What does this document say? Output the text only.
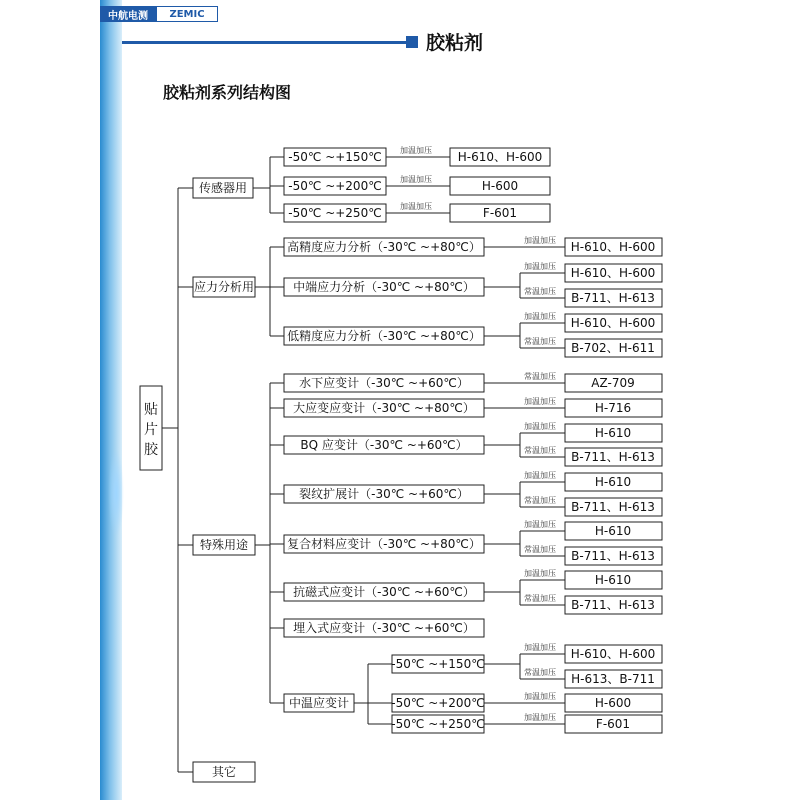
中航电测	ZEMIC
胶粘剂
胶粘剂系列结构图
加温加压
加温加压
加温加压
加温加压
加温加压
常温加压
加温加压
常温加压
常温加压
加温加压
加温加压
常温加压
加温加压
常温加压
加温加压
常温加压
加温加压
常温加压
加温加压
常温加压
加温加压
加温加压
贴
片
胶
传感器用
应力分析用
特殊用途
其它
-50℃ ~+150℃
-50℃ ~+200℃
-50℃ ~+250℃
高精度应力分析（-30℃ ~+80℃）
中端应力分析（-30℃ ~+80℃）
低精度应力分析（-30℃ ~+80℃）
水下应变计（-30℃ ~+60℃）
大应变应变计（-30℃ ~+80℃）
BQ 应变计（-30℃ ~+60℃）
裂纹扩展计（-30℃ ~+60℃）
复合材料应变计（-30℃ ~+80℃）
抗磁式应变计（-30℃ ~+60℃）
埋入式应变计（-30℃ ~+60℃）
中温应变计
-50℃ ~+150℃
-50℃ ~+200℃
-50℃ ~+250℃
H-610、H-600
H-600
F-601
H-610、H-600
H-610、H-600
B-711、H-613
H-610、H-600
B-702、H-611
AZ-709
H-716
H-610
B-711、H-613
H-610
B-711、H-613
H-610
B-711、H-613
H-610
B-711、H-613
H-610、H-600
H-613、B-711
H-600
F-601
